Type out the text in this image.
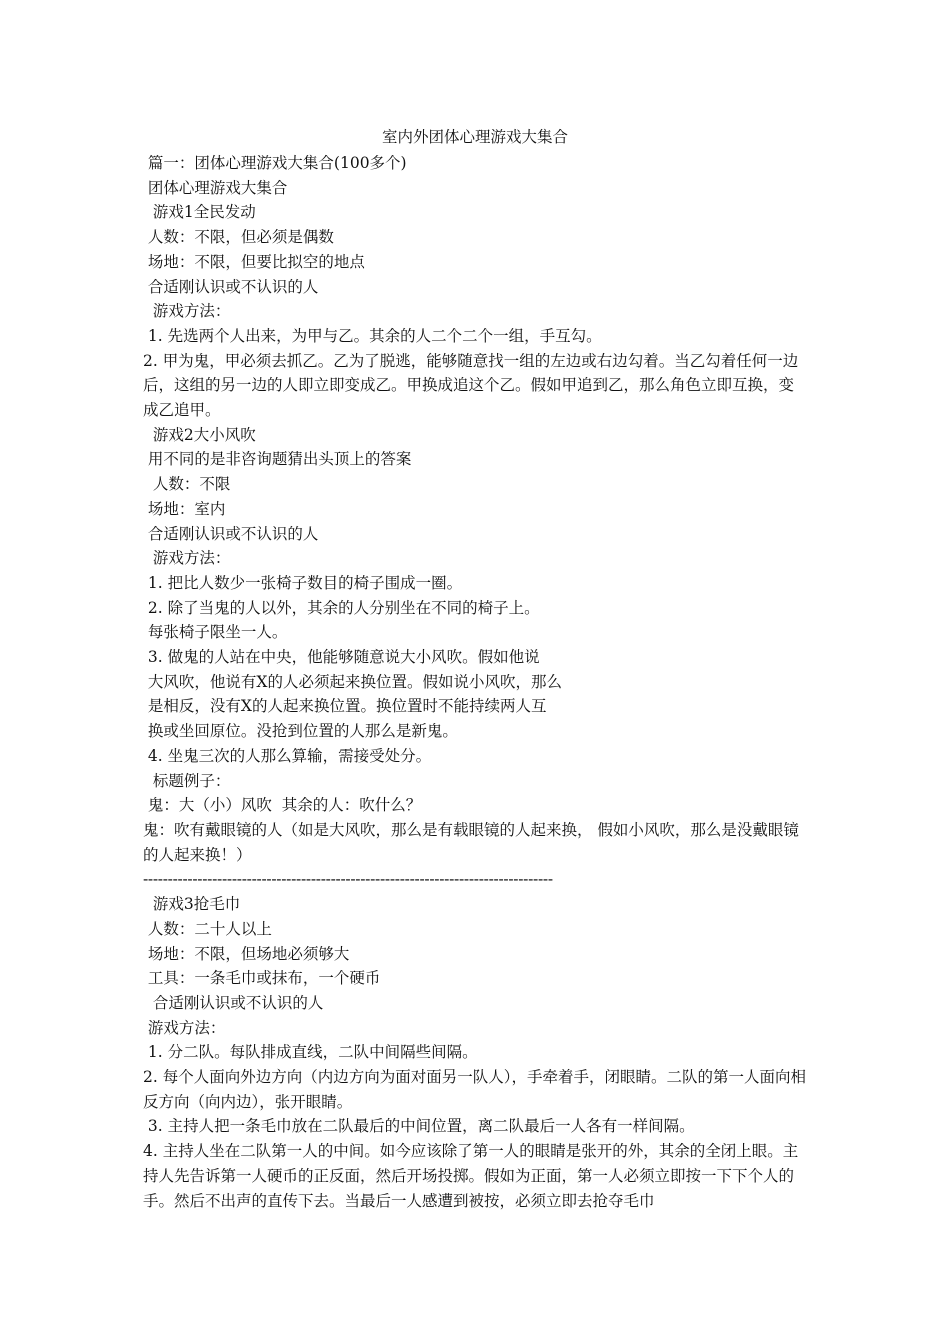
室内外团体心理游戏大集合
篇一：团体心理游戏大集合(100多个)
团体心理游戏大集合
游戏1全民发动
人数：不限，但必须是偶数
场地：不限，但要比拟空的地点
合适刚认识或不认识的人
游戏方法：
1. 先选两个人出来，为甲与乙。其余的人二个二个一组，手互勾。
2. 甲为鬼，甲必须去抓乙。乙为了脱逃，能够随意找一组的左边或右边勾着。当乙勾着任何一边后，这组的另一边的人即立即变成乙。甲换成追这个乙。假如甲追到乙，那么角色立即互换，变成乙追甲。
游戏2大小风吹
用不同的是非咨询题猜出头顶上的答案
人数：不限
场地：室内
合适刚认识或不认识的人
游戏方法：
1. 把比人数少一张椅子数目的椅子围成一圈。
2. 除了当鬼的人以外，其余的人分别坐在不同的椅子上。
每张椅子限坐一人。
3. 做鬼的人站在中央，他能够随意说大小风吹。假如他说
大风吹，他说有X的人必须起来换位置。假如说小风吹，那么
是相反，没有X的人起来换位置。换位置时不能持续两人互
换或坐回原位。没抢到位置的人那么是新鬼。
4. 坐鬼三次的人那么算输，需接受处分。
标题例子：
鬼：大（小）风吹  其余的人：吹什么？
鬼：吹有戴眼镜的人（如是大风吹，那么是有载眼镜的人起来换， 假如小风吹，那么是没戴眼镜的人起来换！）
-----------------------------------------------------------------------------------
游戏3抢毛巾
人数：二十人以上
场地：不限，但场地必须够大
工具：一条毛巾或抹布，一个硬币
合适刚认识或不认识的人
游戏方法：
1. 分二队。每队排成直线，二队中间隔些间隔。
2. 每个人面向外边方向（内边方向为面对面另一队人），手牵着手，闭眼睛。二队的第一人面向相反方向（向内边），张开眼睛。
3. 主持人把一条毛巾放在二队最后的中间位置，离二队最后一人各有一样间隔。
4. 主持人坐在二队第一人的中间。如今应该除了第一人的眼睛是张开的外，其余的全闭上眼。主持人先告诉第一人硬币的正反面，然后开场投掷。假如为正面，第一人必须立即按一下下个人的手。然后不出声的直传下去。当最后一人感遭到被按，必须立即去抢夺毛巾
